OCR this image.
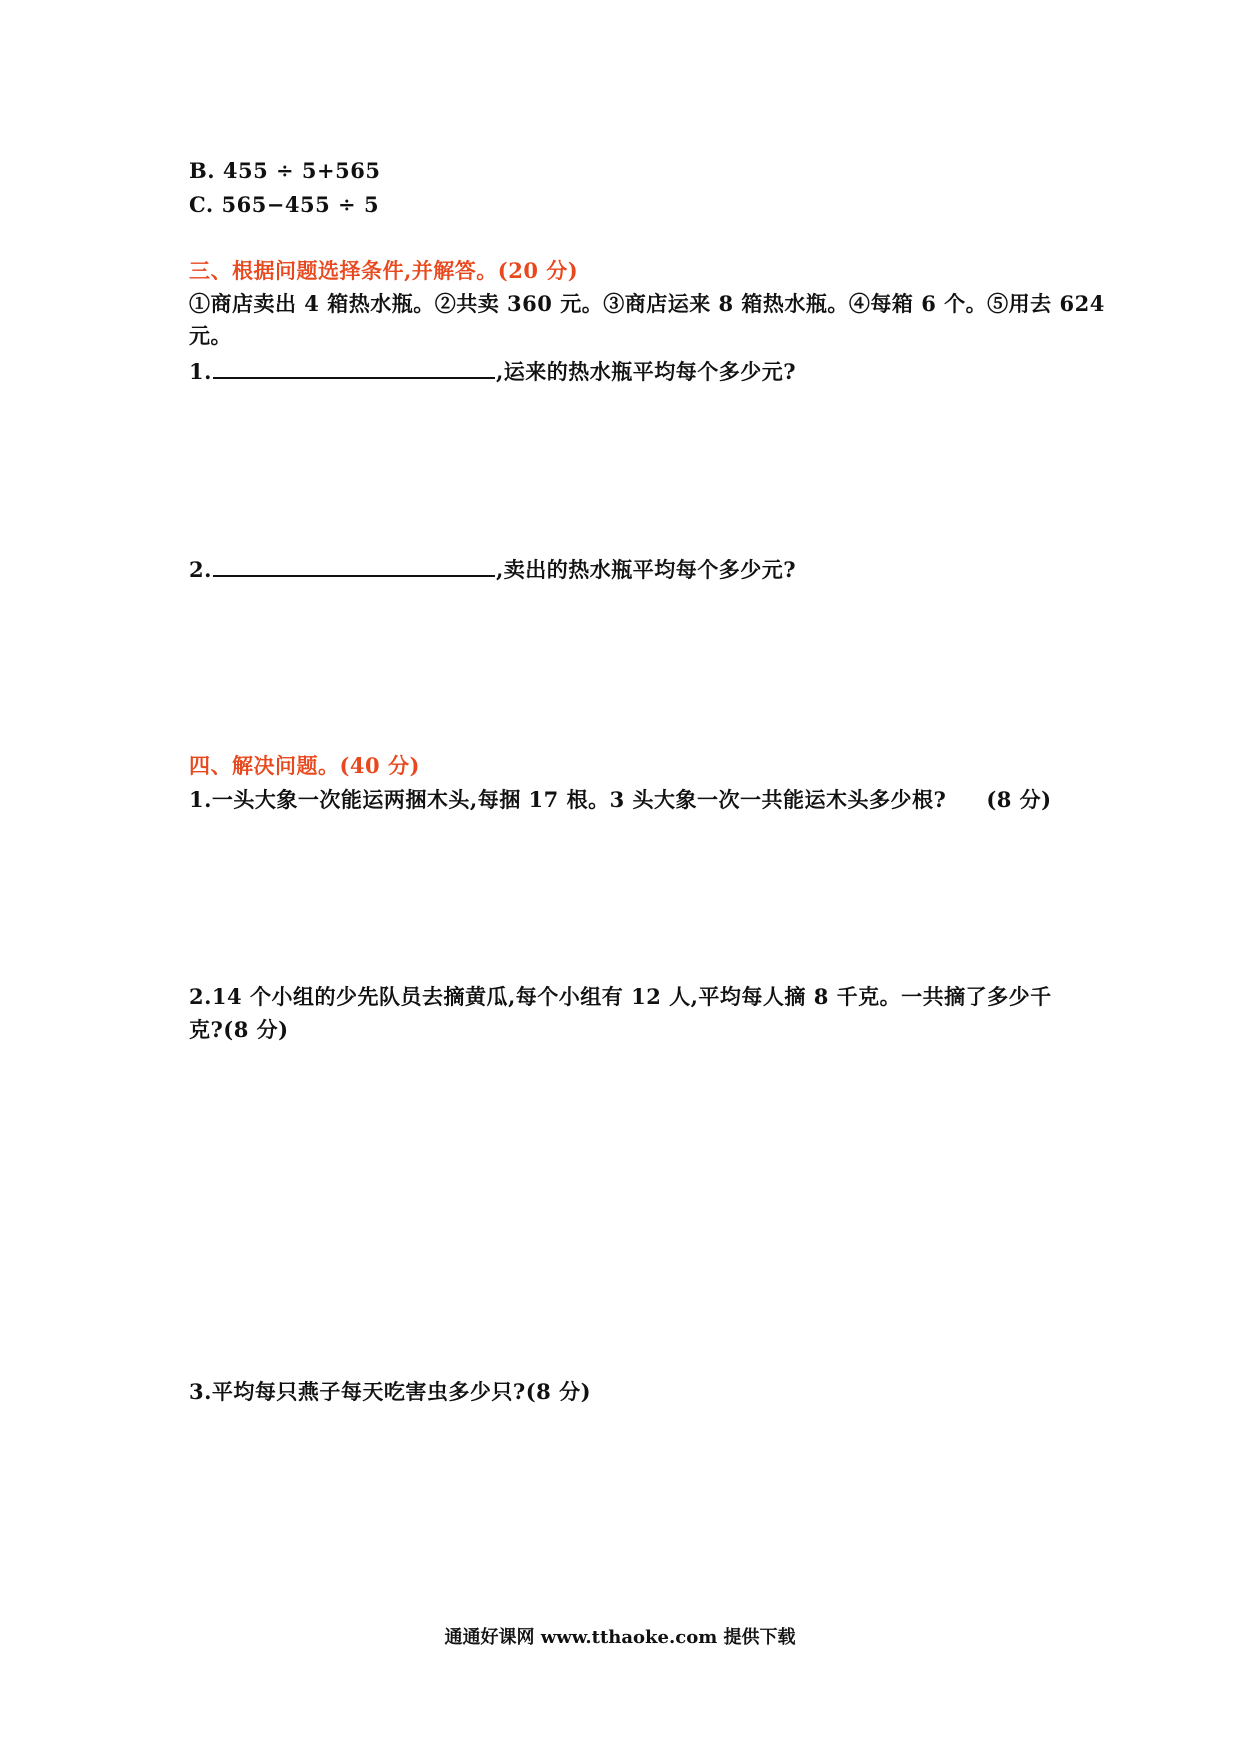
B. 455 ÷ 5+565
C. 565−455 ÷ 5
三、根据问题选择条件,并解答。(20 分)
①商店卖出 4 箱热水瓶。②共卖 360 元。③商店运来 8 箱热水瓶。④每箱 6 个。⑤用去 624
元。
1.	,运来的热水瓶平均每个多少元?
2.	,卖出的热水瓶平均每个多少元?
四、解决问题。(40 分)
1.一头大象一次能运两捆木头,每捆 17 根。3 头大象一次一共能运木头多少根? (8 分)
2.14 个小组的少先队员去摘黄瓜,每个小组有 12 人,平均每人摘 8 千克。一共摘了多少千
克?(8 分)
3.平均每只燕子每天吃害虫多少只?(8 分)
通通好课网 www.tthaoke.com 提供下载
